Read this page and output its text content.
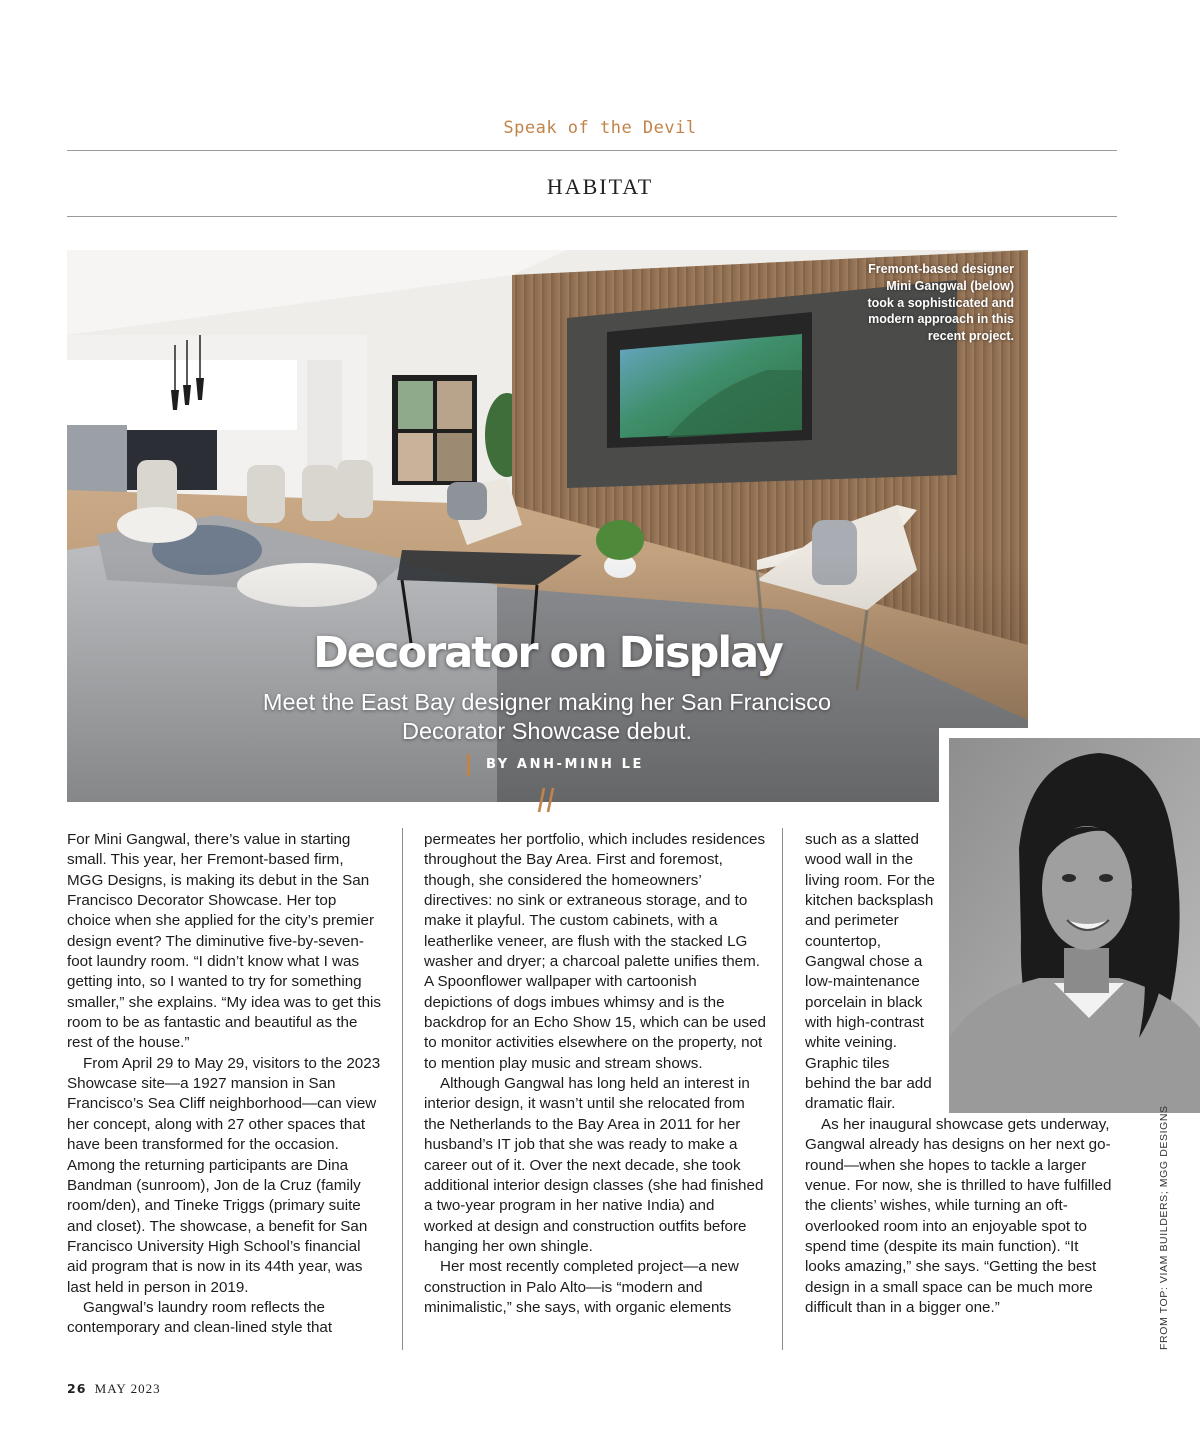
Speak of the Devil
HABITAT
Fremont-based designer Mini Gangwal (below) took a sophisticated and modern approach in this recent project.
Decorator on Display
Meet the East Bay designer making her San Francisco Decorator Showcase debut.
BY ANH-MINH LE

For Mini Gangwal, there’s value in starting small. This year, her Fremont-based firm, MGG Designs, is making its debut in the San Francisco Decorator Showcase. Her top choice when she applied for the city’s premier design event? The diminutive five-by-seven-foot laundry room. “I didn’t know what I was getting into, so I wanted to try for something smaller,” she explains. “My idea was to get this room to be as fantastic and beautiful as the rest of the house.”

From April 29 to May 29, visitors to the 2023 Showcase site—a 1927 mansion in San Francisco’s Sea Cliff neighborhood—can view her concept, along with 27 other spaces that have been transformed for the occasion. Among the returning participants are Dina Bandman (sunroom), Jon de la Cruz (family room/den), and Tineke Triggs (primary suite and closet). The showcase, a benefit for San Francisco University High School’s financial aid program that is now in its 44th year, was last held in person in 2019.

Gangwal’s laundry room reflects the contemporary and clean-lined style that

permeates her portfolio, which includes residences throughout the Bay Area. First and foremost, though, she considered the homeowners’ directives: no sink or extraneous storage, and to make it playful. The custom cabinets, with a leatherlike veneer, are flush with the stacked LG washer and dryer; a charcoal palette unifies them. A Spoonflower wallpaper with cartoonish depictions of dogs imbues whimsy and is the backdrop for an Echo Show 15, which can be used to monitor activities elsewhere on the property, not to mention play music and stream shows.

Although Gangwal has long held an interest in interior design, it wasn’t until she relocated from the Netherlands to the Bay Area in 2011 for her husband’s IT job that she was ready to make a career out of it. Over the next decade, she took additional interior design classes (she had finished a two-year program in her native India) and worked at design and construction outfits before hanging her own shingle.

Her most recently completed project—a new construction in Palo Alto—is “modern and minimalistic,” she says, with organic elements

such as a slatted wood wall in the living room. For the kitchen backsplash and perimeter countertop, Gangwal chose a low-maintenance porcelain in black with high-contrast white veining. Graphic tiles behind the bar add dramatic flair.

As her inaugural showcase gets underway, Gangwal already has designs on her next go-round—when she hopes to tackle a larger venue. For now, she is thrilled to have fulfilled the clients’ wishes, while turning an oft-overlooked room into an enjoyable spot to spend time (despite its main function). “It looks amazing,” she says. “Getting the best design in a small space can be much more difficult than in a bigger one.”	FROM TOP: VIAM BUILDERS; MGG DESIGNS
26 MAY 2023
